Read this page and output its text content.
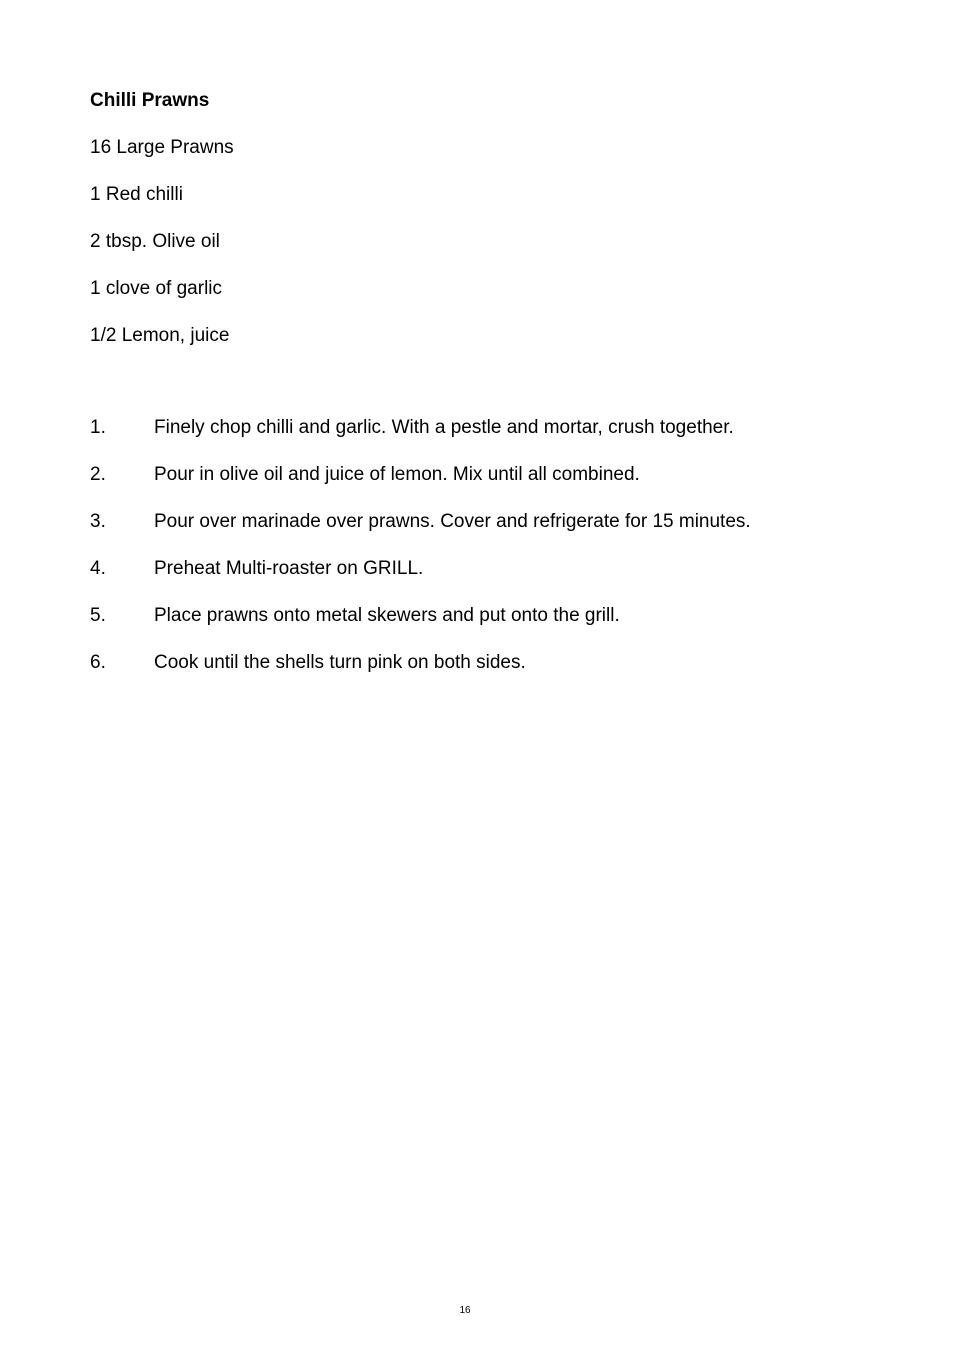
Chilli Prawns
16 Large Prawns
1 Red chilli
2 tbsp. Olive oil
1 clove of garlic
1/2 Lemon, juice
1.	Finely chop chilli and garlic. With a pestle and mortar, crush together.
2.	Pour in olive oil and juice of lemon. Mix until all combined.
3.	Pour over marinade over prawns. Cover and refrigerate for 15 minutes.
4.	Preheat Multi-roaster on GRILL.
5.	Place prawns onto metal skewers and put onto the grill.
6.	Cook until the shells turn pink on both sides.
16
